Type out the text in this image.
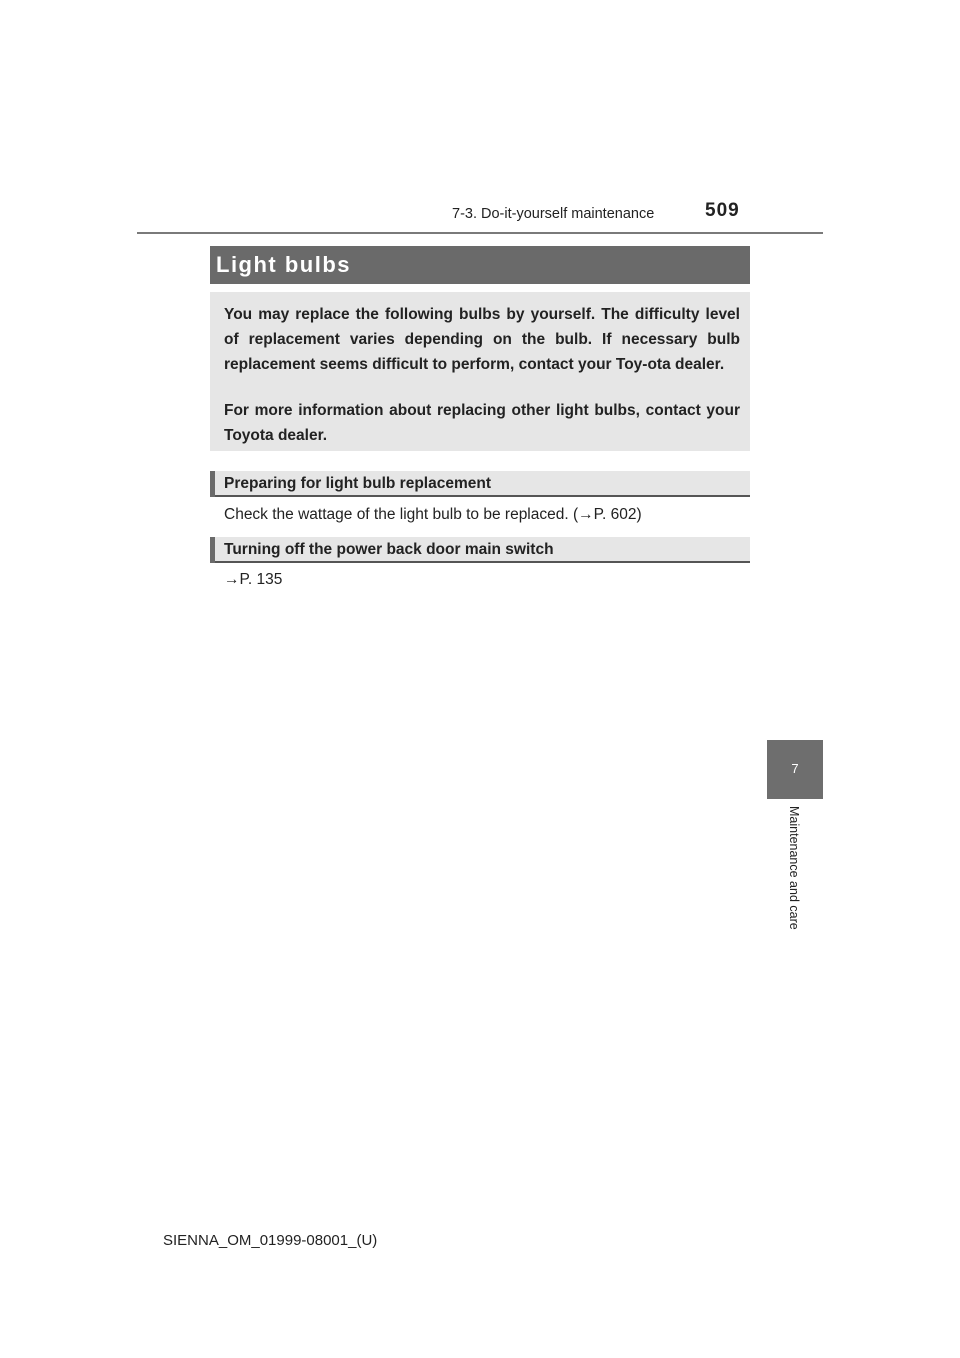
7-3. Do-it-yourself maintenance	509
7
Maintenance and care
Light bulbs

You may replace the following bulbs by yourself. The difficulty level of replacement varies depending on the bulb. If necessary bulb replacement seems difficult to perform, contact your Toy-ota dealer.

For more information about replacing other light bulbs, contact your Toyota dealer.

Preparing for light bulb replacement
Check the wattage of the light bulb to be replaced. (→P. 602)
Turning off the power back door main switch
→P. 135
SIENNA_OM_01999-08001_(U)
